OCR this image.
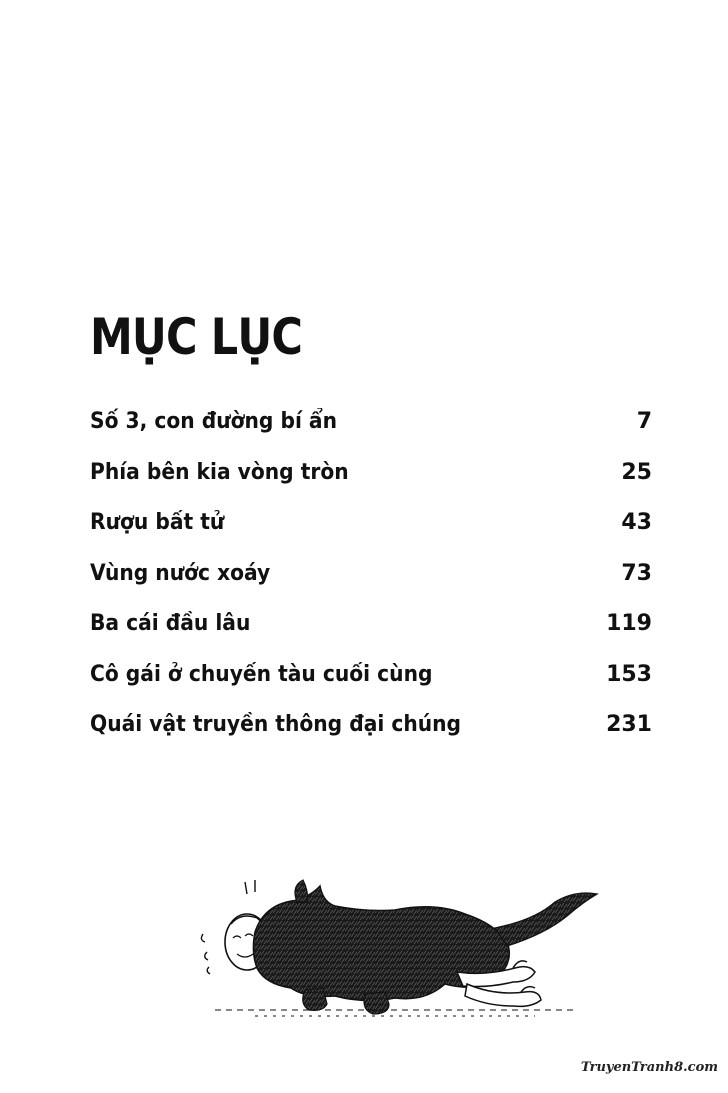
MỤC LỤC
Số 3, con đường bí ẩn	7
Phía bên kia vòng tròn	25
Rượu bất tử	43
Vùng nước xoáy	73
Ba cái đầu lâu	119
Cô gái ở chuyến tàu cuối cùng	153
Quái vật truyền thông đại chúng	231
TruyenTranh8.com
